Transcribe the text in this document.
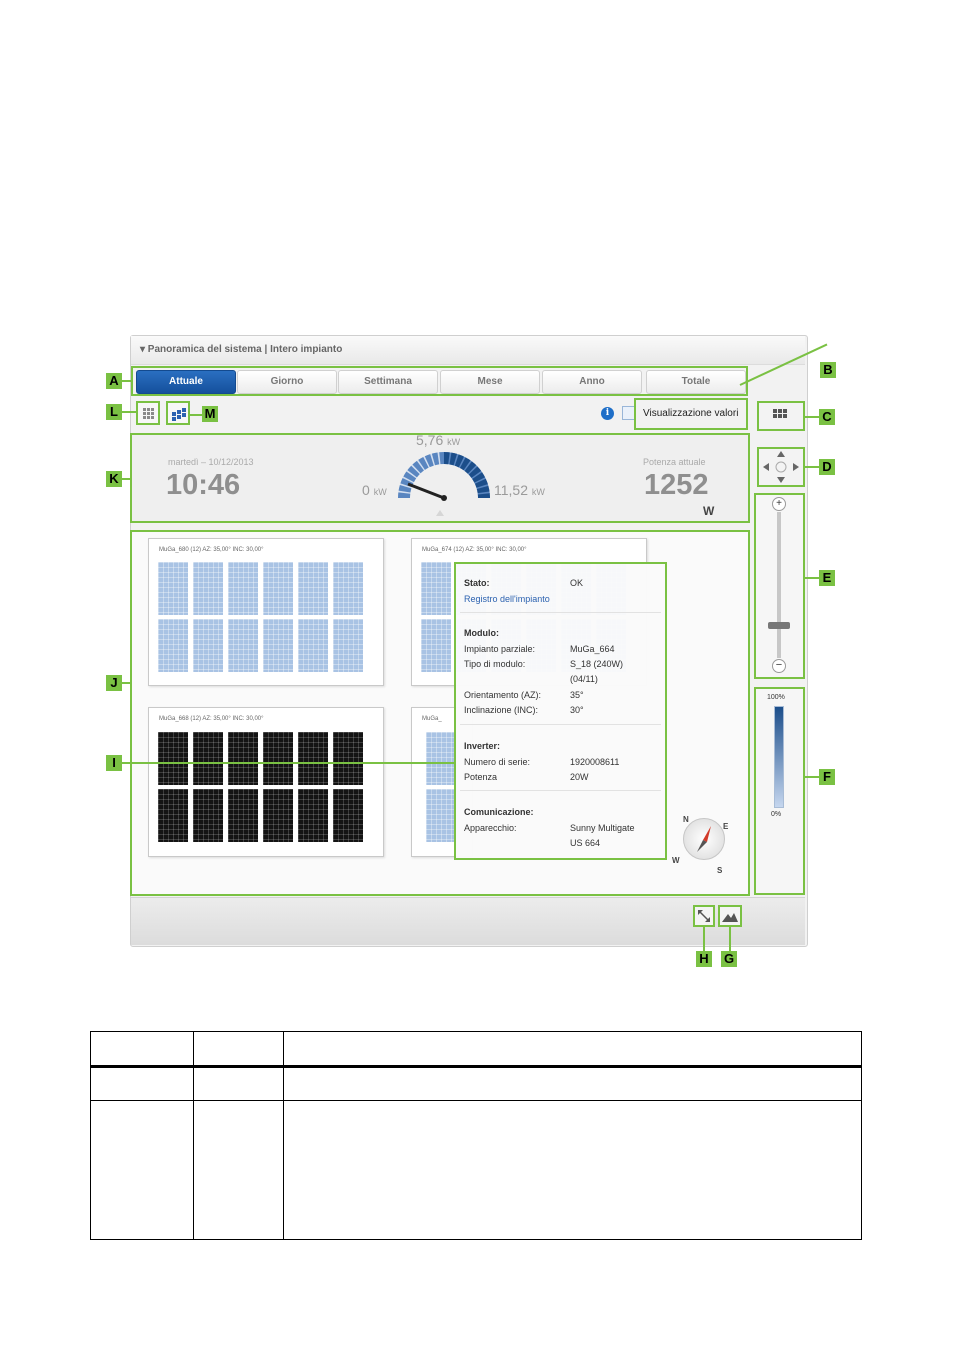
▾ Panoramica del sistema | Intero impianto
Attuale	Giorno	Settimana	Mese	Anno	Totale
A
L	M	i	Visualizzazione valori
B
C
K
martedì – 10/12/2013
10:46
Potenza attuale
1252
W
5,76 kW
0 kW	11,52 kW
D
+
−
E
100%
0%
F
J
MuGa_680 (12) AZ: 35,00° INC: 30,00°	MuGa_674 (12) AZ: 35,00° INC: 30,00°
MuGa_668 (12) AZ: 35,00° INC: 30,00°	MuGa_
Stato:	OK
Registro dell'impianto
Modulo:
Impianto parziale:	MuGa_664
Tipo di modulo:	S_18 (240W)
(04/11)
Orientamento (AZ):	35°
Inclinazione (INC):	30°
Inverter:
Numero di serie:	1920008611
Potenza	20W
Comunicazione:
Apparecchio:	Sunny Multigate
US 664
I
N
E
S
W
H G
